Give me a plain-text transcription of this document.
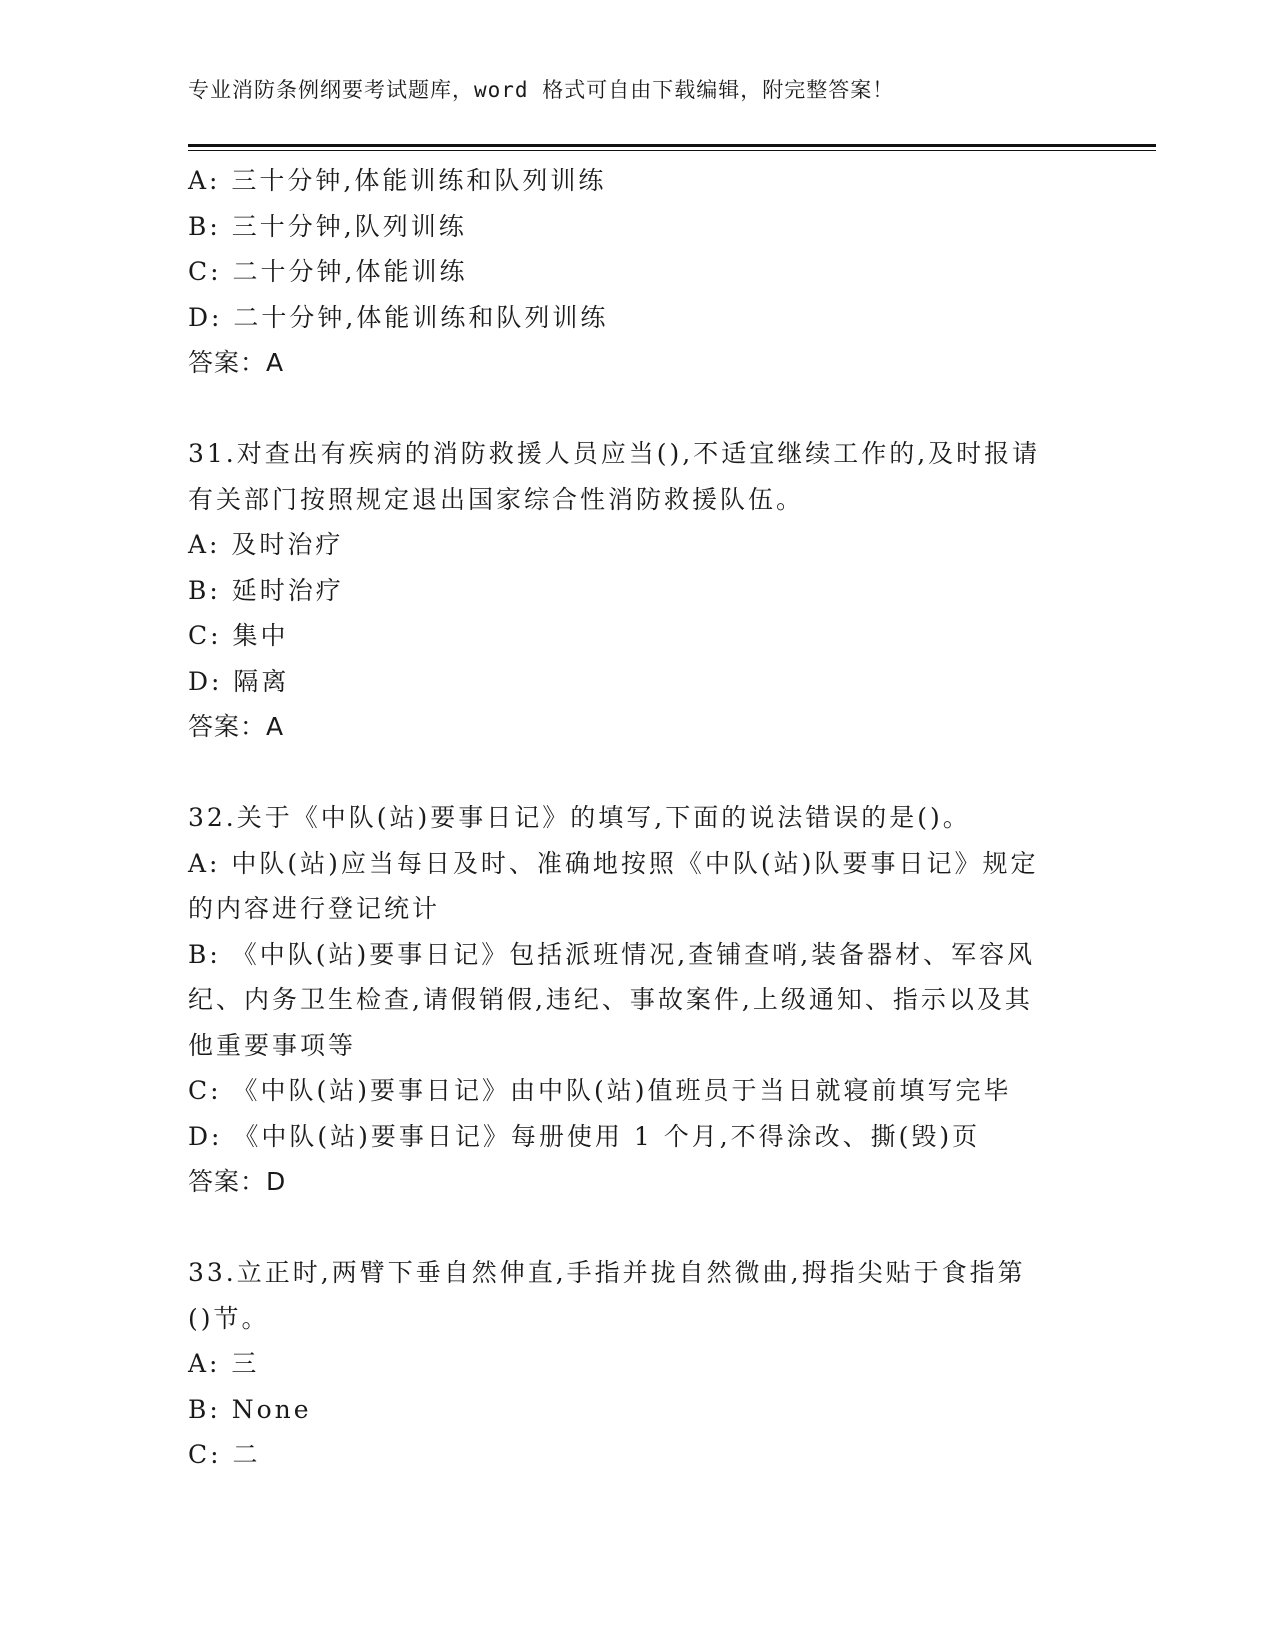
专业消防条例纲要考试题库，word 格式可自由下载编辑，附完整答案！
A: 三十分钟,体能训练和队列训练
B: 三十分钟,队列训练
C: 二十分钟,体能训练
D: 二十分钟,体能训练和队列训练
答案：A
31.对查出有疾病的消防救援人员应当(),不适宜继续工作的,及时报请
有关部门按照规定退出国家综合性消防救援队伍。
A: 及时治疗
B: 延时治疗
C: 集中
D: 隔离
答案：A
32.关于《中队(站)要事日记》的填写,下面的说法错误的是()。
A: 中队(站)应当每日及时、准确地按照《中队(站)队要事日记》规定
的内容进行登记统计
B: 《中队(站)要事日记》包括派班情况,查铺查哨,装备器材、军容风
纪、内务卫生检查,请假销假,违纪、事故案件,上级通知、指示以及其
他重要事项等
C: 《中队(站)要事日记》由中队(站)值班员于当日就寝前填写完毕
D: 《中队(站)要事日记》每册使用 1 个月,不得涂改、撕(毁)页
答案：D
33.立正时,两臂下垂自然伸直,手指并拢自然微曲,拇指尖贴于食指第
()节。
A: 三
B: None
C: 二
